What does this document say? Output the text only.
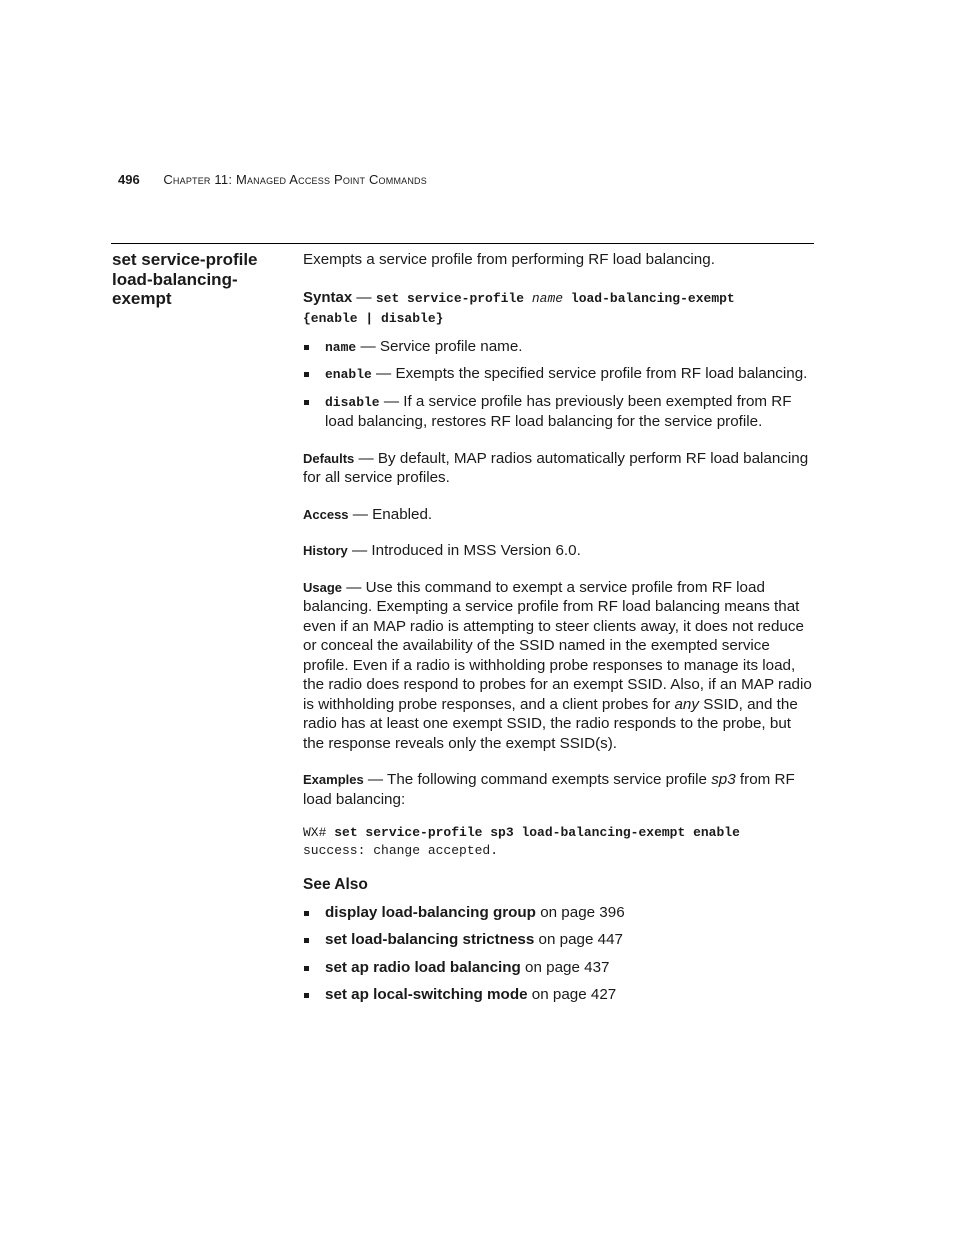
496 Chapter 11: Managed Access Point Commands
set service-profile load-balancing-exempt

Exempts a service profile from performing RF load balancing.

Syntax — set service-profile name load-balancing-exempt
{enable | disable}

name — Service profile name.
enable — Exempts the specified service profile from RF load balancing.
disable — If a service profile has previously been exempted from RF load balancing, restores RF load balancing for the service profile.

Defaults — By default, MAP radios automatically perform RF load balancing for all service profiles.

Access — Enabled.

History — Introduced in MSS Version 6.0.

Usage — Use this command to exempt a service profile from RF load balancing. Exempting a service profile from RF load balancing means that even if an MAP radio is attempting to steer clients away, it does not reduce or conceal the availability of the SSID named in the exempted service profile. Even if a radio is withholding probe responses to manage its load, the radio does respond to probes for an exempt SSID. Also, if an MAP radio is withholding probe responses, and a client probes for any SSID, and the radio has at least one exempt SSID, the radio responds to the probe, but the response reveals only the exempt SSID(s).

Examples — The following command exempts service profile sp3 from RF load balancing:

WX# set service-profile sp3 load-balancing-exempt enable
success: change accepted.

See Also

display load-balancing group on page 396
set load-balancing strictness on page 447
set ap radio load balancing on page 437
set ap local-switching mode on page 427
